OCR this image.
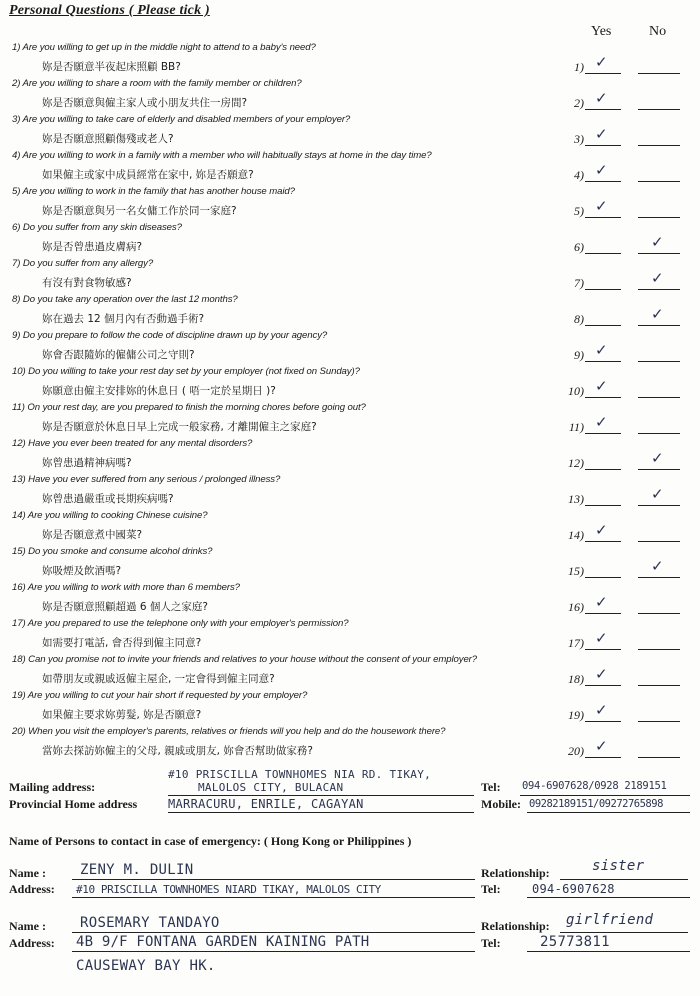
Personal Questions ( Please tick )
Yes	No
1) Are you willing to get up in the middle night to attend to a baby's need?
妳是否願意半夜起床照顧 BB?	1) ✓
2) Are you willing to share a room with the family member or children?
妳是否願意與僱主家人或小朋友共住一房間?	2) ✓
3) Are you willing to take care of elderly and disabled members of your employer?
妳是否願意照顧傷殘或老人?	3) ✓
4) Are you willing to work in a family with a member who will habitually stays at home in the day time?
如果僱主或家中成員經常在家中, 妳是否願意?	4) ✓
5) Are you willing to work in the family that has another house maid?
妳是否願意與另一名女傭工作於同一家庭?	5) ✓
6) Do you suffer from any skin diseases?
妳是否曾患過皮膚病?	6)	✓
7) Do you suffer from any allergy?
有沒有對食物敏感?	7)	✓
8) Do you take any operation over the last 12 months?
妳在過去 12 個月內有否動過手術?	8)	✓
9) Do you prepare to follow the code of discipline drawn up by your agency?
妳會否跟隨妳的僱傭公司之守則?	9) ✓
10) Do you willing to take your rest day set by your employer (not fixed on Sunday)?
妳願意由僱主安排妳的休息日 ( 唔一定於星期日 )?	10) ✓
11) On your rest day, are you prepared to finish the morning chores before going out?
妳是否願意於休息日早上完成一般家務, 才離開僱主之家庭?	11) ✓
12) Have you ever been treated for any mental disorders?
妳曾患過精神病嗎?	12)	✓
13) Have you ever suffered from any serious / prolonged illness?
妳曾患過嚴重或長期疾病嗎?	13)	✓
14) Are you willing to cooking Chinese cuisine?
妳是否願意煮中國菜?	14) ✓
15) Do you smoke and consume alcohol drinks?
妳吸煙及飲酒嗎?	15)	✓
16) Are you willing to work with more than 6 members?
妳是否願意照顧超過 6 個人之家庭?	16) ✓
17) Are you prepared to use the telephone only with your employer's permission?
如需要打電話, 會否得到僱主同意?	17) ✓
18) Can you promise not to invite your friends and relatives to your house without the consent of your employer?
如帶朋友或親戚返僱主屋企, 一定會得到僱主同意?	18) ✓
19) Are you willing to cut your hair short if requested by your employer?
如果僱主要求妳剪髮, 妳是否願意?	19) ✓
20) When you visit the employer's parents, relatives or friends will you help and do the housework there?
當妳去探訪妳僱主的父母, 親戚或朋友, 妳會否幫助做家務?	20) ✓
Mailing address:
#10 PRISCILLA TOWNHOMES NIA RD. TIKAY,
MALOLOS CITY, BULACAN	Tel: 094-6907628/0928 2189151
Provincial Home address	MARRACURU, ENRILE, CAGAYAN	Mobile: 09282189151/09272765898
Name of Persons to contact in case of emergency: ( Hong Kong or Philippines )
Name : ZENY M. DULIN	Relationship:	sister
Address: #10 PRISCILLA TOWNHOMES NIARD TIKAY, MALOLOS CITY	Tel:	094-6907628
Name : ROSEMARY TANDAYO	Relationship: girlfriend
Address: 4B 9/F FONTANA GARDEN KAINING PATH
CAUSEWAY BAY HK.
Tel:	25773811
